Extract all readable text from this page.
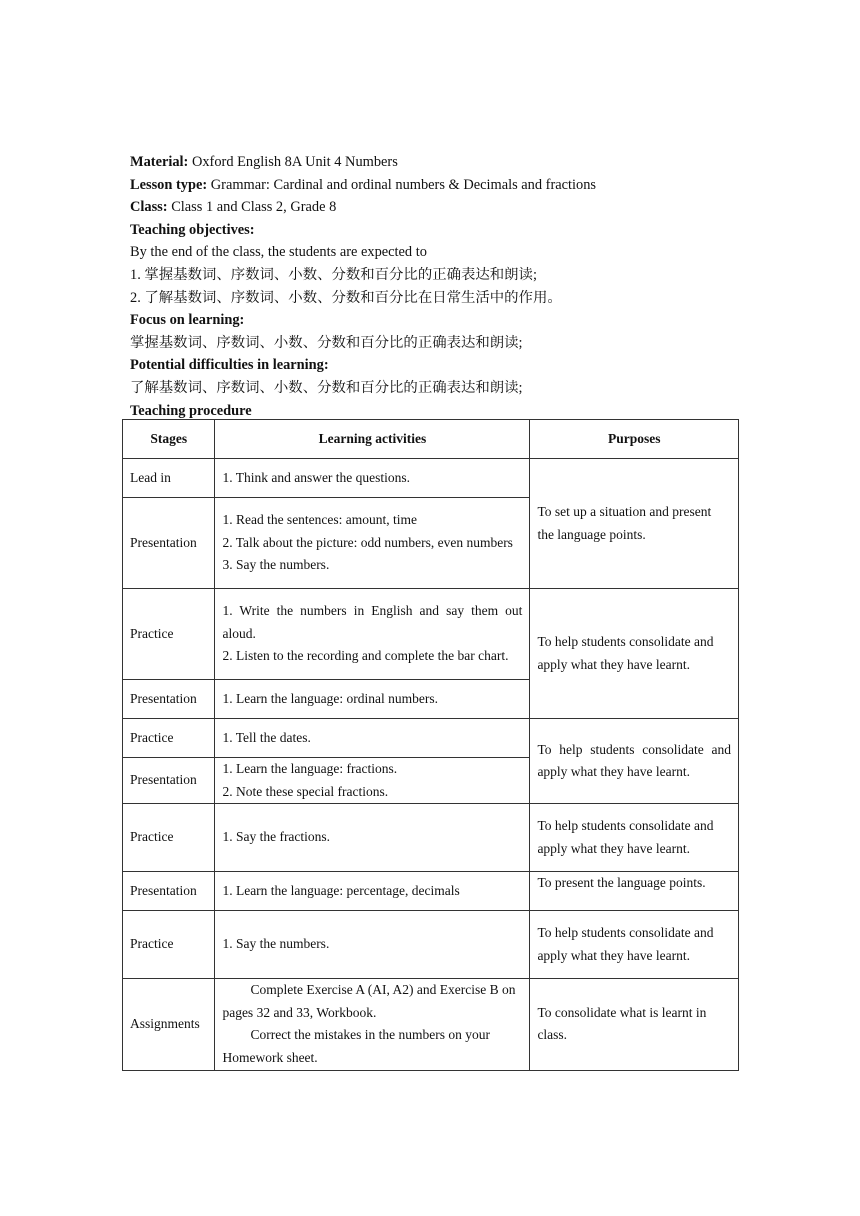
Material: Oxford English 8A Unit 4 Numbers
Lesson type: Grammar: Cardinal and ordinal numbers & Decimals and fractions
Class: Class 1 and Class 2, Grade 8
Teaching objectives:
By the end of the class, the students are expected to
1. 掌握基数词、序数词、小数、分数和百分比的正确表达和朗读;
2. 了解基数词、序数词、小数、分数和百分比在日常生活中的作用。
Focus on learning:
掌握基数词、序数词、小数、分数和百分比的正确表达和朗读;
Potential difficulties in learning:
了解基数词、序数词、小数、分数和百分比的正确表达和朗读;
Teaching procedure
Stages	Learning activities	Purposes
Lead in	1. Think and answer the questions.	To set up a situation and present the language points.
Presentation	1. Read the sentences: amount, time
2. Talk about the picture: odd numbers, even numbers
3. Say the numbers.	

Practice	1. Write the numbers in English and say them out aloud.
2. Listen to the recording and complete the bar chart.	To help students consolidate and apply what they have learnt.
Presentation	1. Learn the language: ordinal numbers.	
Practice	1. Tell the dates.	To help students consolidate and apply what they have learnt.
Presentation	1. Learn the language: fractions.
2. Note these special fractions.	

Practice	1. Say the fractions.	To help students consolidate and apply what they have learnt.
Presentation	1. Learn the language: percentage, decimals	To present the language points.
Practice	1. Say the numbers.	To help students consolidate and apply what they have learnt.
Assignments	Complete Exercise A (AI, A2) and Exercise B on pages 32 and 33, Workbook.
Correct the mistakes in the numbers on your Homework sheet.	To consolidate what is learnt in class.
